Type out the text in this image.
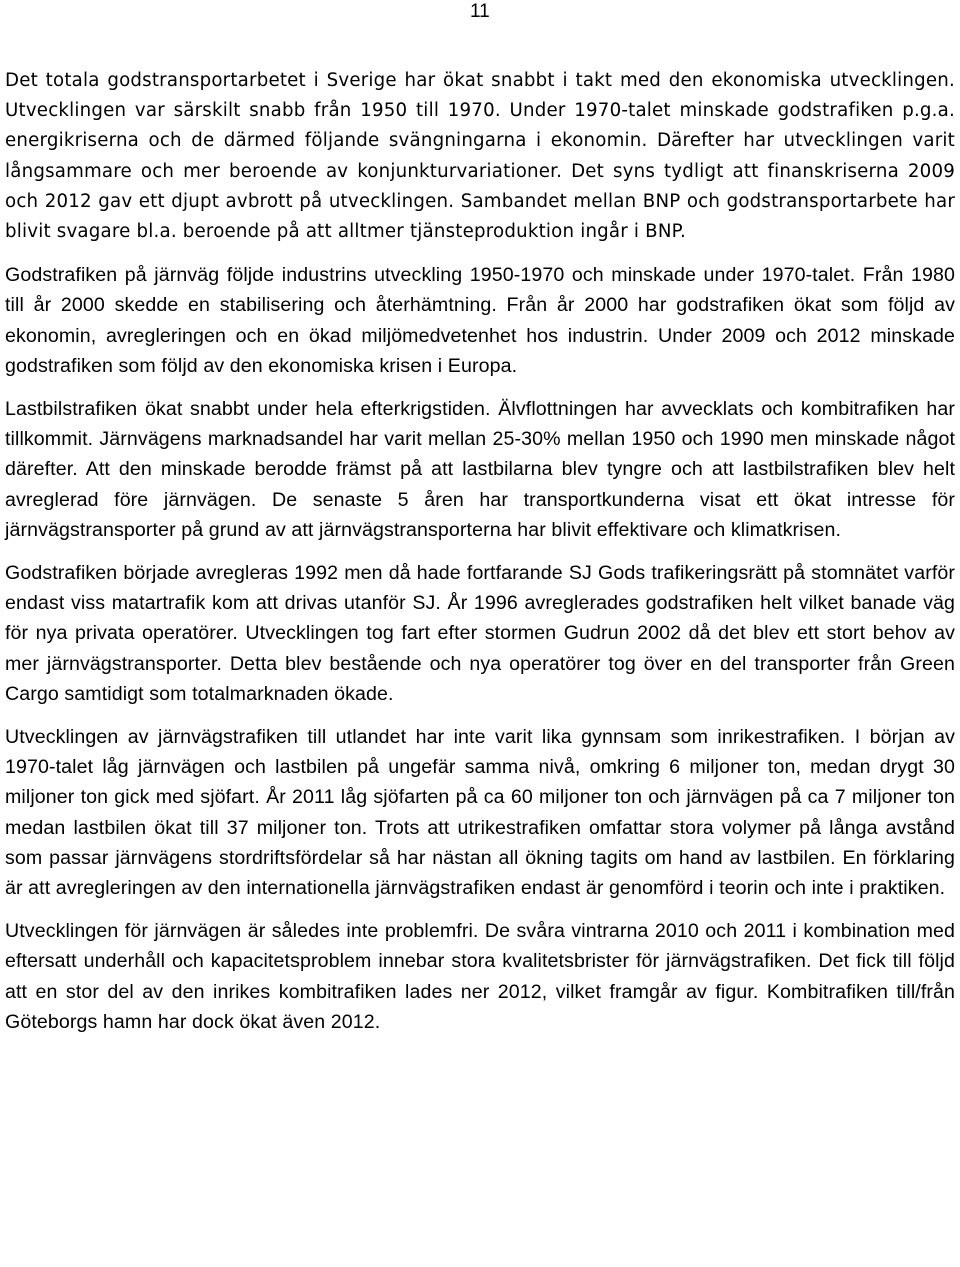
11

Det totala godstransportarbetet i Sverige har ökat snabbt i takt med den ekonomiska utvecklingen. Utvecklingen var särskilt snabb från 1950 till 1970. Under 1970-talet minskade godstrafiken p.g.a. energikriserna och de därmed följande svängningarna i ekonomin. Därefter har utvecklingen varit långsammare och mer beroende av konjunkturvariationer. Det syns tydligt att finanskriserna 2009 och 2012 gav ett djupt avbrott på utvecklingen. Sambandet mellan BNP och godstransportarbete har blivit svagare bl.a. beroende på att alltmer tjänsteproduktion ingår i BNP.

Godstrafiken på järnväg följde industrins utveckling 1950-1970 och minskade under 1970-talet. Från 1980 till år 2000 skedde en stabilisering och återhämtning. Från år 2000 har godstrafiken ökat som följd av ekonomin, avregleringen och en ökad miljömedvetenhet hos industrin. Under 2009 och 2012 minskade godstrafiken som följd av den ekonomiska krisen i Europa.

Lastbilstrafiken ökat snabbt under hela efterkrigstiden. Älvflottningen har avvecklats och kombitrafiken har tillkommit. Järnvägens marknadsandel har varit mellan 25-30% mellan 1950 och 1990 men minskade något därefter. Att den minskade berodde främst på att lastbilarna blev tyngre och att lastbilstrafiken blev helt avreglerad före järnvägen. De senaste 5 åren har transportkunderna visat ett ökat intresse för järnvägstransporter på grund av att järnvägstransporterna har blivit effektivare och klimatkrisen.

Godstrafiken började avregleras 1992 men då hade fortfarande SJ Gods trafikeringsrätt på stomnätet varför endast viss matartrafik kom att drivas utanför SJ. År 1996 avreglerades godstrafiken helt vilket banade väg för nya privata operatörer. Utvecklingen tog fart efter stormen Gudrun 2002 då det blev ett stort behov av mer järnvägstransporter. Detta blev bestående och nya operatörer tog över en del transporter från Green Cargo samtidigt som totalmarknaden ökade.

Utvecklingen av järnvägstrafiken till utlandet har inte varit lika gynnsam som inrikestrafiken. I början av 1970-talet låg järnvägen och lastbilen på ungefär samma nivå, omkring 6 miljoner ton, medan drygt 30 miljoner ton gick med sjöfart. År 2011 låg sjöfarten på ca 60 miljoner ton och järnvägen på ca 7 miljoner ton medan lastbilen ökat till 37 miljoner ton. Trots att utrikestrafiken omfattar stora volymer på långa avstånd som passar järnvägens stordriftsfördelar så har nästan all ökning tagits om hand av lastbilen. En förklaring är att avregleringen av den internationella järnvägstrafiken endast är genomförd i teorin och inte i praktiken.

Utvecklingen för järnvägen är således inte problemfri. De svåra vintrarna 2010 och 2011 i kombination med eftersatt underhåll och kapacitetsproblem innebar stora kvalitetsbrister för järnvägstrafiken. Det fick till följd att en stor del av den inrikes kombitrafiken lades ner 2012, vilket framgår av figur. Kombitrafiken till/från Göteborgs hamn har dock ökat även 2012.
